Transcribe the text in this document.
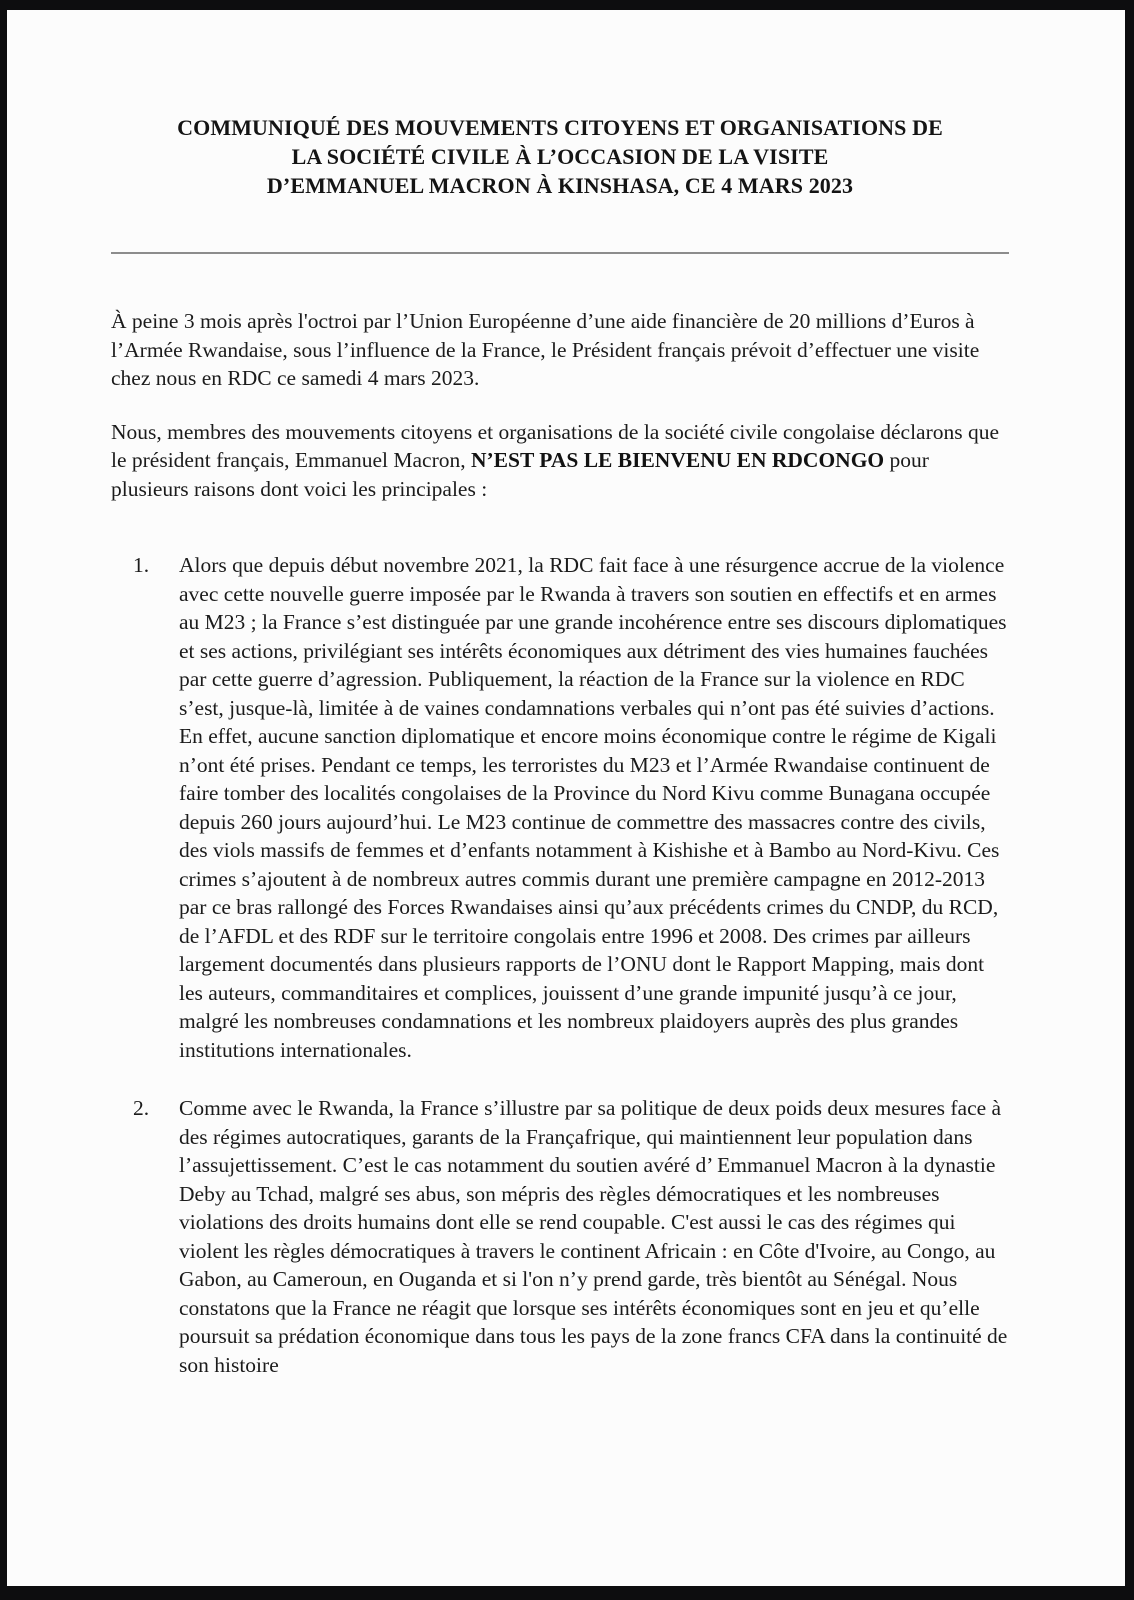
COMMUNIQUÉ DES MOUVEMENTS CITOYENS ET ORGANISATIONS DE
LA SOCIÉTÉ CIVILE À L’OCCASION DE LA VISITE
D’EMMANUEL MACRON À KINSHASA, CE 4 MARS 2023

À peine 3 mois après l'octroi par l’Union Européenne d’une aide financière de 20 millions d’Euros à l’Armée Rwandaise, sous l’influence de la France, le Président français prévoit d’effectuer une visite chez nous en RDC ce samedi 4 mars 2023.

Nous, membres des mouvements citoyens et organisations de la société civile congolaise déclarons que le président français, Emmanuel Macron, N’EST PAS LE BIENVENU EN RDCONGO pour plusieurs raisons dont voici les principales :

1. Alors que depuis début novembre 2021, la RDC fait face à une résurgence accrue de la violence avec cette nouvelle guerre imposée par le Rwanda à travers son soutien en effectifs et en armes au M23 ; la France s’est distinguée par une grande incohérence entre ses discours diplomatiques et ses actions, privilégiant ses intérêts économiques aux détriment des vies humaines fauchées par cette guerre d’agression. Publiquement, la réaction de la France sur la violence en RDC s’est, jusque-là, limitée à de vaines condamnations verbales qui n’ont pas été suivies d’actions. En effet, aucune sanction diplomatique et encore moins économique contre le régime de Kigali n’ont été prises. Pendant ce temps, les terroristes du M23 et l’Armée Rwandaise continuent de faire tomber des localités congolaises de la Province du Nord Kivu comme Bunagana occupée depuis 260 jours aujourd’hui. Le M23 continue de commettre des massacres contre des civils, des viols massifs de femmes et d’enfants notamment à Kishishe et à Bambo au Nord-Kivu. Ces crimes s’ajoutent à de nombreux autres commis durant une première campagne en 2012-2013 par ce bras rallongé des Forces Rwandaises ainsi qu’aux précédents crimes du CNDP, du RCD, de l’AFDL et des RDF sur le territoire congolais entre 1996 et 2008. Des crimes par ailleurs largement documentés dans plusieurs rapports de l’ONU dont le Rapport Mapping, mais dont les auteurs, commanditaires et complices, jouissent d’une grande impunité jusqu’à ce jour, malgré les nombreuses condamnations et les nombreux plaidoyers auprès des plus grandes institutions internationales.
2. Comme avec le Rwanda, la France s’illustre par sa politique de deux poids deux mesures face à des régimes autocratiques, garants de la Françafrique, qui maintiennent leur population dans l’assujettissement. C’est le cas notamment du soutien avéré d’ Emmanuel Macron à la dynastie Deby au Tchad, malgré ses abus, son mépris des règles démocratiques et les nombreuses violations des droits humains dont elle se rend coupable. C'est aussi le cas des régimes qui violent les règles démocratiques à travers le continent Africain : en Côte d'Ivoire, au Congo, au Gabon, au Cameroun, en Ouganda et si l'on n’y prend garde, très bientôt au Sénégal. Nous constatons que la France ne réagit que lorsque ses intérêts économiques sont en jeu et qu’elle poursuit sa prédation économique dans tous les pays de la zone francs CFA dans la continuité de son histoire
